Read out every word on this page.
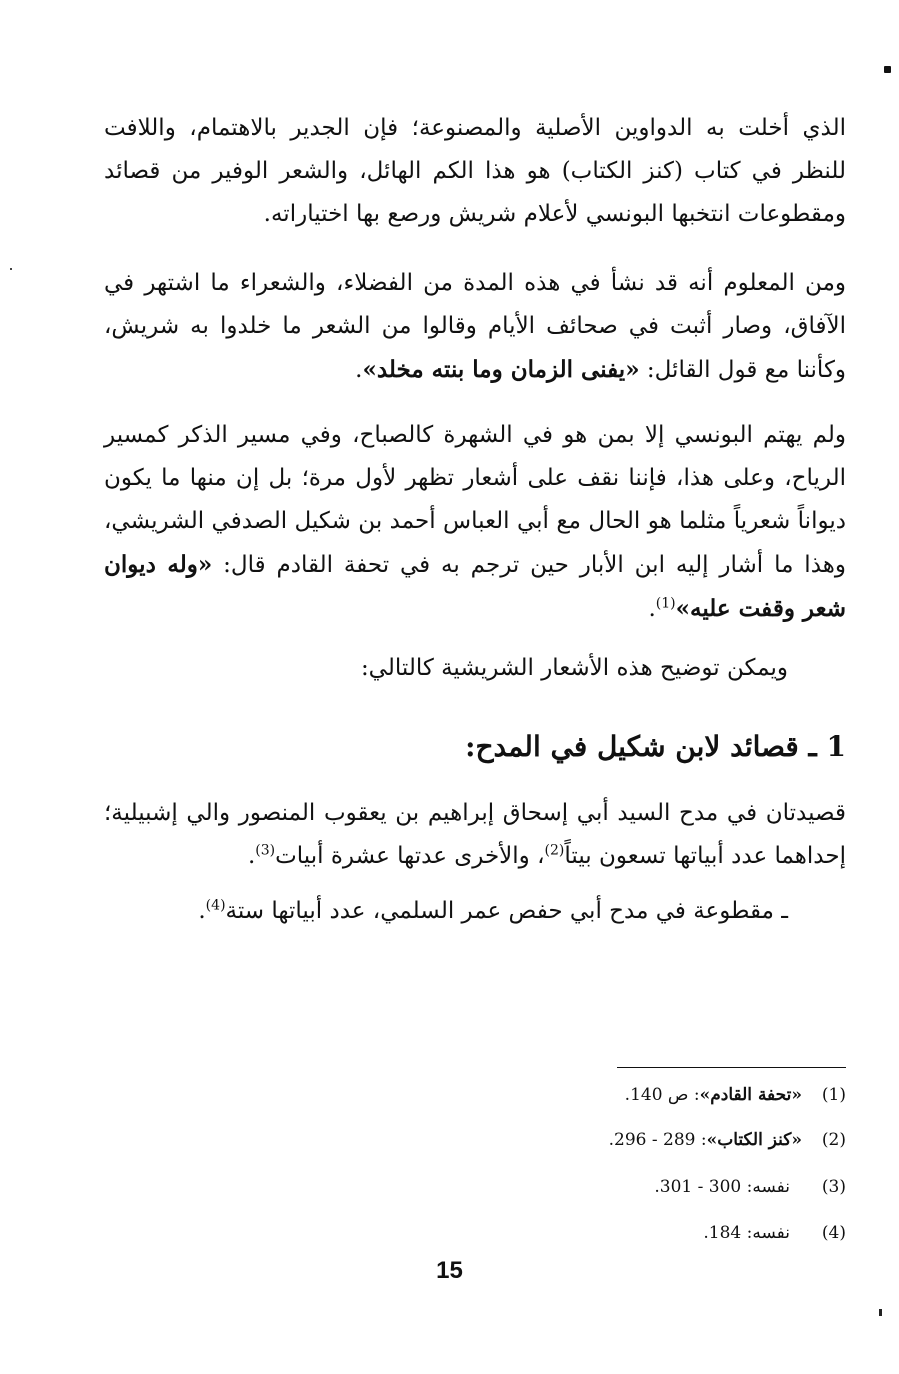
الذي أخلت به الدواوين الأصلية والمصنوعة؛ فإن الجدير بالاهتمام، واللافت للنظر في كتاب (كنز الكتاب) هو هذا الكم الهائل، والشعر الوفير من قصائد ومقطوعات انتخبها البونسي لأعلام شريش ورصع بها اختياراته.

ومن المعلوم أنه قد نشأ في هذه المدة من الفضلاء، والشعراء ما اشتهر في الآفاق، وصار أثبت في صحائف الأيام وقالوا من الشعر ما خلدوا به شريش، وكأننا مع قول القائل: «يفنى الزمان وما بنته مخلد».

ولم يهتم البونسي إلا بمن هو في الشهرة كالصباح، وفي مسير الذكر كمسير الرياح، وعلى هذا، فإننا نقف على أشعار تظهر لأول مرة؛ بل إن منها ما يكون ديواناً شعرياً مثلما هو الحال مع أبي العباس أحمد بن شكيل الصدفي الشريشي، وهذا ما أشار إليه ابن الأبار حين ترجم به في تحفة القادم قال: «وله ديوان شعر وقفت عليه»$^{(1)}$.

ويمكن توضيح هذه الأشعار الشريشية كالتالي:

1 ـ قصائد لابن شكيل في المدح:

قصيدتان في مدح السيد أبي إسحاق إبراهيم بن يعقوب المنصور والي إشبيلية؛ إحداهما عدد أبياتها تسعون بيتاً$^{(2)}$، والأخرى عدتها عشرة أبيات$^{(3)}$.

ـ مقطوعة في مدح أبي حفص عمر السلمي، عدد أبياتها ستة$^{(4)}$.

(1)«تحفة القادم»: ص 140.
(2)«كنز الكتاب»: 289 - 296.
(3)نفسه: 300 - 301.
(4)نفسه: 184.
15
